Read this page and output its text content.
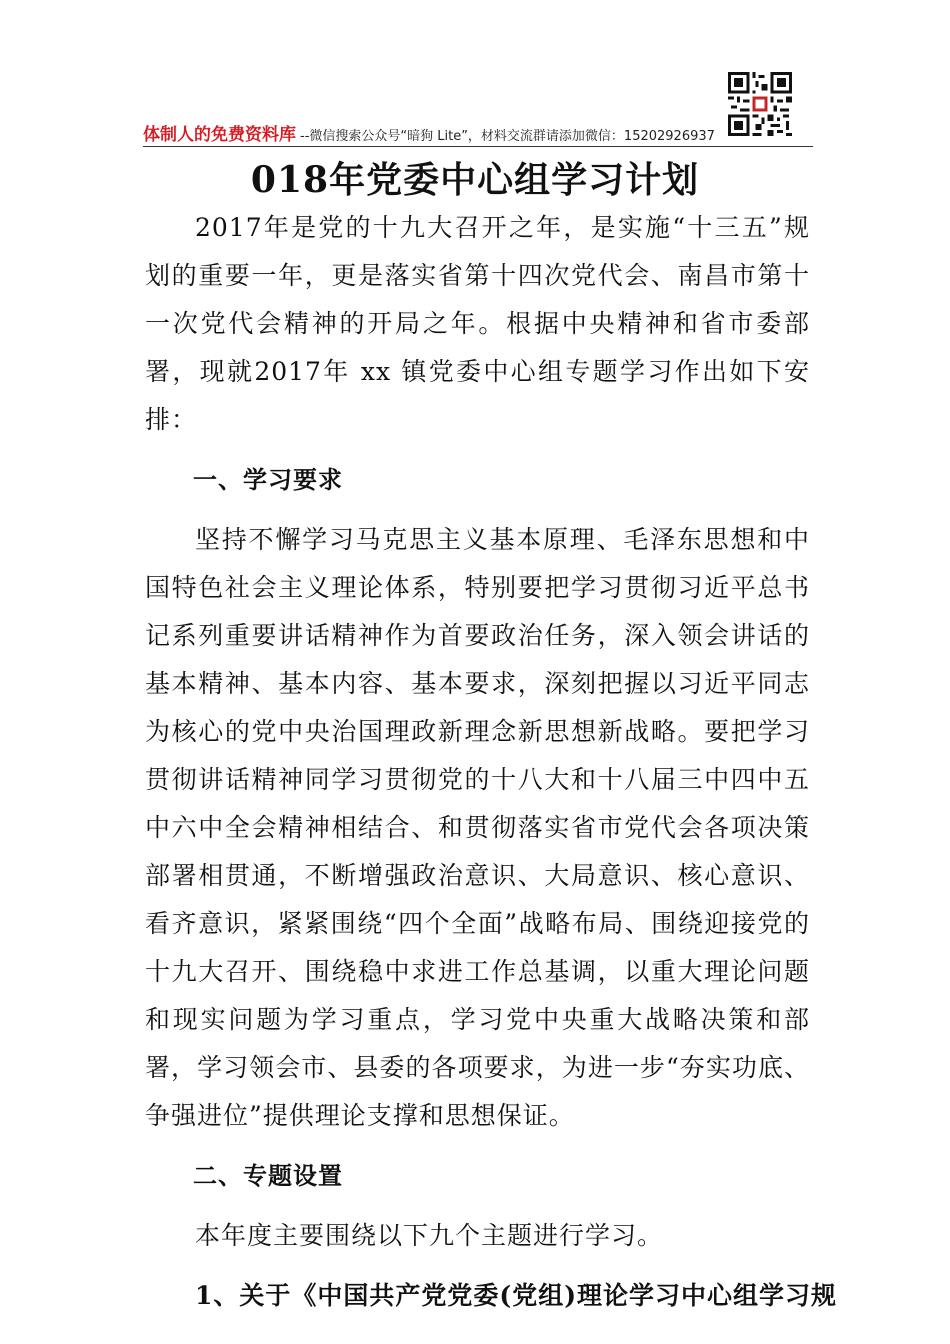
体制人的免费资料库 --微信搜索公众号“暗狗 Lite”，材料交流群请添加微信：15202926937
018年党委中心组学习计划

2017年是党的十九大召开之年，是实施“十三五”规划的重要一年，更是落实省第十四次党代会、南昌市第十一次党代会精神的开局之年。根据中央精神和省市委部署，现就2017年 xx 镇党委中心组专题学习作出如下安排：

一、学习要求

坚持不懈学习马克思主义基本原理、毛泽东思想和中国特色社会主义理论体系，特别要把学习贯彻习近平总书记系列重要讲话精神作为首要政治任务，深入领会讲话的基本精神、基本内容、基本要求，深刻把握以习近平同志为核心的党中央治国理政新理念新思想新战略。要把学习贯彻讲话精神同学习贯彻党的十八大和十八届三中四中五中六中全会精神相结合、和贯彻落实省市党代会各项决策部署相贯通，不断增强政治意识、大局意识、核心意识、看齐意识，紧紧围绕“四个全面”战略布局、围绕迎接党的十九大召开、围绕稳中求进工作总基调，以重大理论问题和现实问题为学习重点，学习党中央重大战略决策和部署，学习领会市、县委的各项要求，为进一步“夯实功底、争强进位”提供理论支撑和思想保证。

二、专题设置

本年度主要围绕以下九个主题进行学习。

1、关于《中国共产党党委(党组)理论学习中心组学习规
